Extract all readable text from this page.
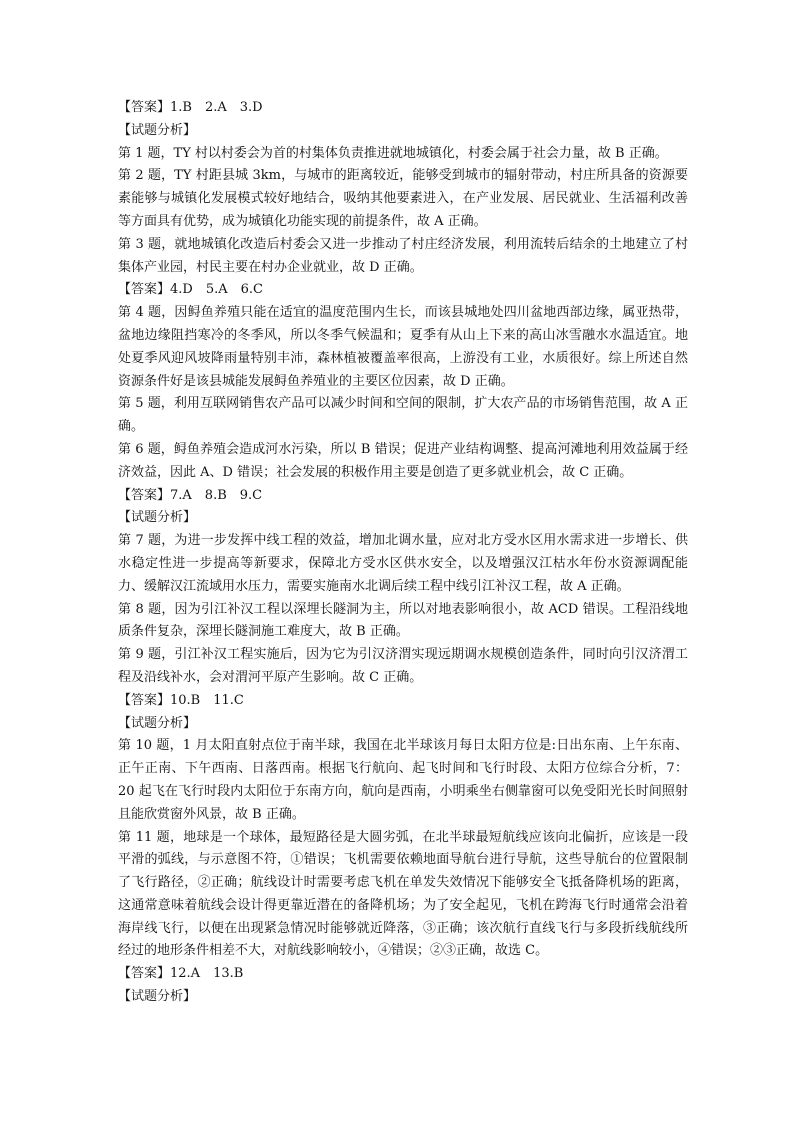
【答案】1.B　2.A　3.D

【试题分析】

第 1 题，TY 村以村委会为首的村集体负责推进就地城镇化，村委会属于社会力量，故 B 正确。

第 2 题，TY 村距县城 3km，与城市的距离较近，能够受到城市的辐射带动，村庄所具备的资源要素能够与城镇化发展模式较好地结合，吸纳其他要素进入，在产业发展、居民就业、生活福利改善等方面具有优势，成为城镇化功能实现的前提条件，故 A 正确。

第 3 题，就地城镇化改造后村委会又进一步推动了村庄经济发展，利用流转后结余的土地建立了村集体产业园，村民主要在村办企业就业，故 D 正确。

【答案】4.D　5.A　6.C

第 4 题，因鲟鱼养殖只能在适宜的温度范围内生长，而该县城地处四川盆地西部边缘，属亚热带，盆地边缘阻挡寒冷的冬季风，所以冬季气候温和；夏季有从山上下来的高山冰雪融水水温适宜。地处夏季风迎风坡降雨量特别丰沛，森林植被覆盖率很高，上游没有工业，水质很好。综上所述自然资源条件好是该县城能发展鲟鱼养殖业的主要区位因素，故 D 正确。

第 5 题，利用互联网销售农产品可以减少时间和空间的限制，扩大农产品的市场销售范围，故 A 正确。

第 6 题，鲟鱼养殖会造成河水污染，所以 B 错误；促进产业结构调整、提高河滩地利用效益属于经济效益，因此 A、D 错误；社会发展的积极作用主要是创造了更多就业机会，故 C 正确。

【答案】7.A　8.B　9.C

【试题分析】

第 7 题，为进一步发挥中线工程的效益，增加北调水量，应对北方受水区用水需求进一步增长、供水稳定性进一步提高等新要求，保障北方受水区供水安全，以及增强汉江枯水年份水资源调配能力、缓解汉江流域用水压力，需要实施南水北调后续工程中线引江补汉工程，故 A 正确。

第 8 题，因为引江补汉工程以深埋长隧洞为主，所以对地表影响很小，故 ACD 错误。工程沿线地质条件复杂，深埋长隧洞施工难度大，故 B 正确。

第 9 题，引江补汉工程实施后，因为它为引汉济渭实现远期调水规模创造条件，同时向引汉济渭工程及沿线补水，会对渭河平原产生影响。故 C 正确。

【答案】10.B　11.C

【试题分析】

第 10 题，1 月太阳直射点位于南半球，我国在北半球该月每日太阳方位是:日出东南、上午东南、正午正南、下午西南、日落西南。根据飞行航向、起飞时间和飞行时段、太阳方位综合分析，7：20 起飞在飞行时段内太阳位于东南方向，航向是西南，小明乘坐右侧靠窗可以免受阳光长时间照射且能欣赏窗外风景，故 B 正确。

第 11 题，地球是一个球体，最短路径是大圆劣弧，在北半球最短航线应该向北偏折，应该是一段平滑的弧线，与示意图不符，①错误；飞机需要依赖地面导航台进行导航，这些导航台的位置限制了飞行路径，②正确；航线设计时需要考虑飞机在单发失效情况下能够安全飞抵备降机场的距离，这通常意味着航线会设计得更靠近潜在的备降机场；为了安全起见，飞机在跨海飞行时通常会沿着海岸线飞行，以便在出现紧急情况时能够就近降落，③正确；该次航行直线飞行与多段折线航线所经过的地形条件相差不大，对航线影响较小，④错误；②③正确，故选 C。

【答案】12.A　13.B

【试题分析】
